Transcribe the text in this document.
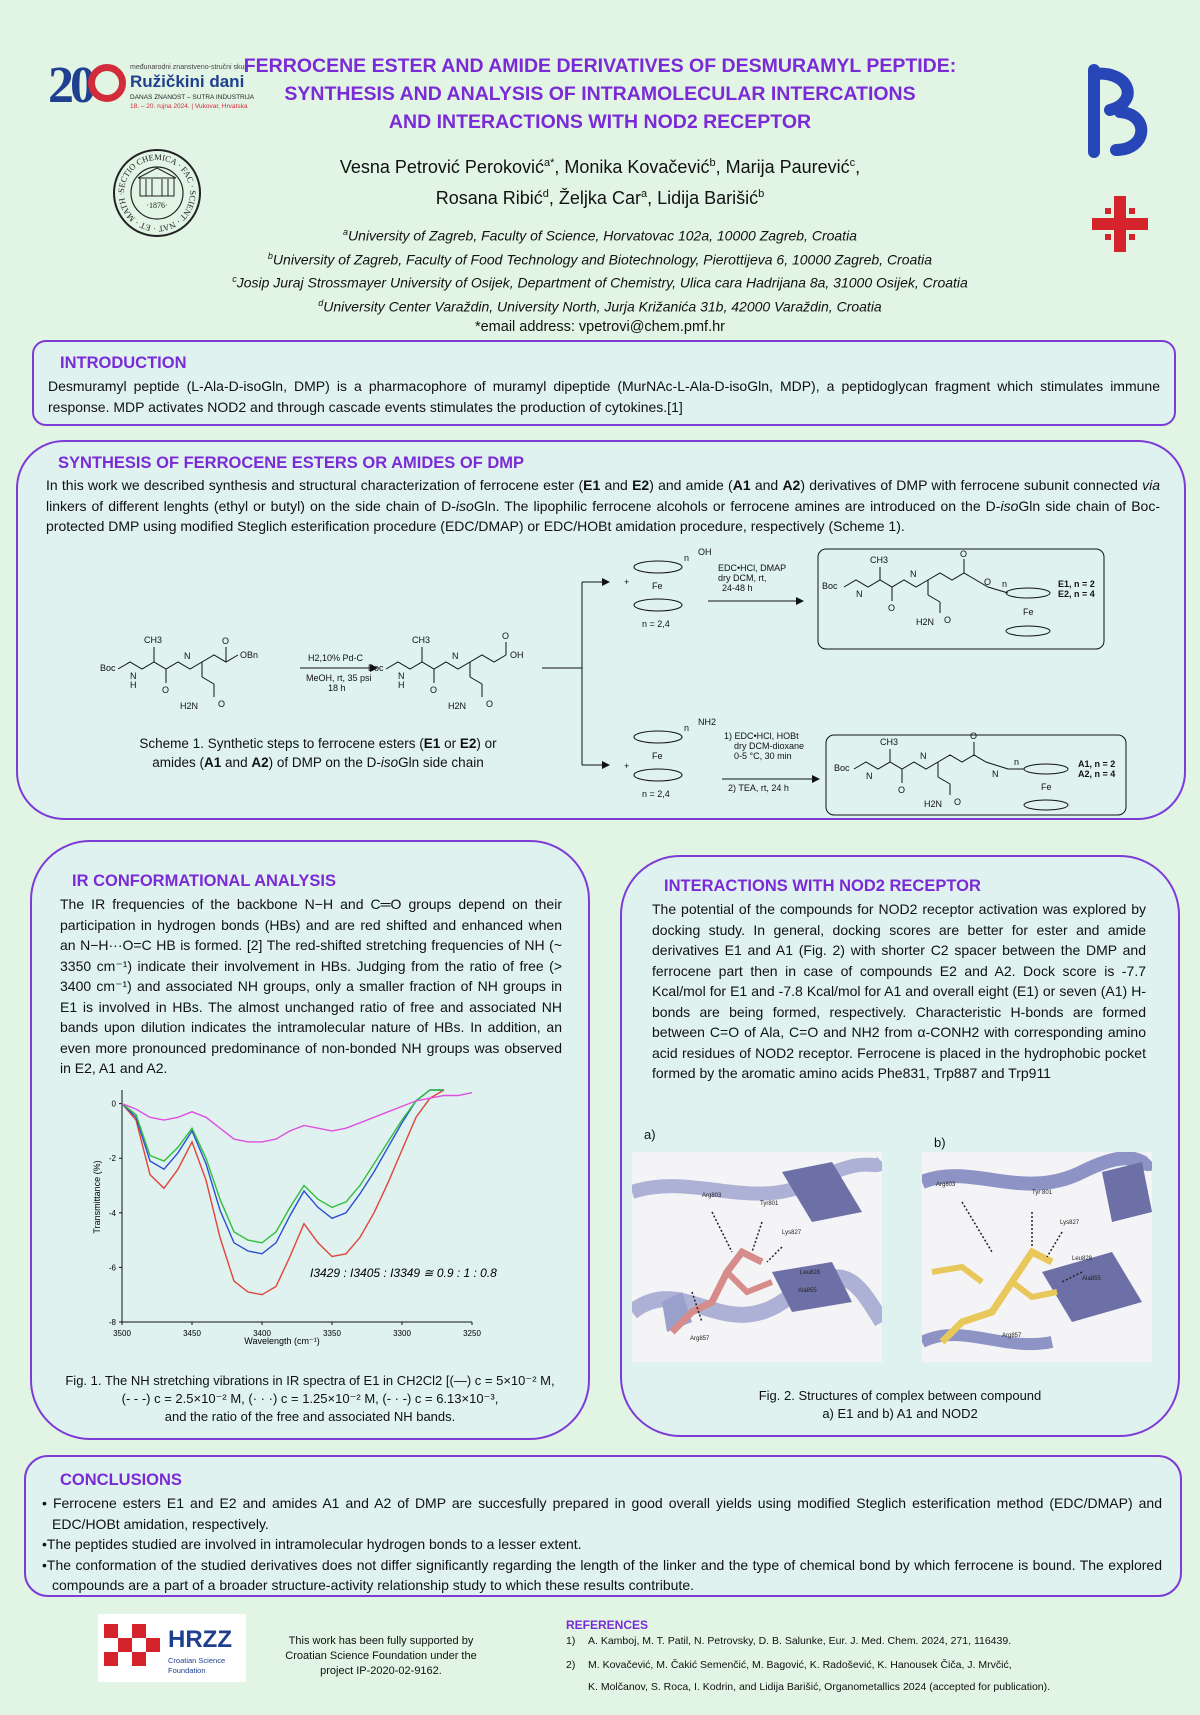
20	međunarodni znanstveno-stručni skup
Ružičkini dani
DANAS ZNANOST – SUTRA INDUSTRIJA
18. – 20. rujna 2024. | Vukovar, Hrvatska
SECTIO CHEMICA · FAC · SCIENT · NAT · ET · MATH ·
·1876·
FERROCENE ESTER AND AMIDE DERIVATIVES OF DESMURAMYL PEPTIDE:
SYNTHESIS AND ANALYSIS OF INTRAMOLECULAR INTERCATIONS
AND INTERACTIONS WITH NOD2 RECEPTOR
Vesna Petrović Peroković$^{a*}$, Monika Kovačević$^b$, Marija Paurević$^c$,
Rosana Ribić$^d$, Željka Car$^a$, Lidija Barišić$^b$
$^a$University of Zagreb, Faculty of Science, Horvatovac 102a, 10000 Zagreb, Croatia
$^b$University of Zagreb, Faculty of Food Technology and Biotechnology, Pierottijeva 6, 10000 Zagreb, Croatia
$^c$Josip Juraj Strossmayer University of Osijek, Department of Chemistry, Ulica cara Hadrijana 8a, 31000 Osijek, Croatia
$^d$University Center Varaždin, University North, Jurja Križanića 31b, 42000 Varaždin, Croatia
*email address: vpetrovi@chem.pmf.hr
INTRODUCTION
Desmuramyl peptide (L-Ala-D-isoGln, DMP) is a pharmacophore of muramyl dipeptide (MurNAc-L-Ala-D-isoGln, MDP), a peptidoglycan fragment which stimulates immune response. MDP activates NOD2 and through cascade events stimulates the production of cytokines.[1]
SYNTHESIS OF FERROCENE ESTERS OR AMIDES OF DMP
In this work we described synthesis and structural characterization of ferrocene ester (E1 and E2) and amide (A1 and A2) derivatives of DMP with ferrocene subunit connected via linkers of different lenghts (ethyl or butyl) on the side chain of D-isoGln. The lipophilic ferrocene alcohols or ferrocene amines are introduced on the D-isoGln side chain of Boc-protected DMP using modified Steglich esterification procedure (EDC/DMAP) or EDC/HOBt amidation procedure, respectively (Scheme 1).
Boc
CH3
N
H	O
N
H2N O
O
OBn	H2,10% Pd-C
MeOH, rt, 35 psi
18 h
Boc
CH3
N
H	O
N
H2N O
O
OH
+	Fe
n
OH
n = 2,4
EDC•HCl, DMAP
dry DCM, rt,
24-48 h
+
Fe
n
NH2
n = 2,4
1) EDC•HCl, HOBt
dry DCM-dioxane
0-5 °C, 30 min
2) TEA, rt, 24 h
Boc
CH3
N
O
N
H2N O
O
O n
Fe
E1, n = 2
E2, n = 4
Boc
CH3
N
O
N
H2N O
O
N
n
Fe
A1, n = 2
A2, n = 4
Scheme 1. Synthetic steps to ferrocene esters (E1 or E2) or
amides (A1 and A2) of DMP on the D-isoGln side chain
IR CONFORMATIONAL ANALYSIS
The IR frequencies of the backbone N−H and C═O groups depend on their participation in hydrogen bonds (HBs) and are red shifted and enhanced when an N−H···O=C HB is formed. [2] The red-shifted stretching frequencies of NH (~ 3350 cm⁻¹) indicate their involvement in HBs. Judging from the ratio of free (> 3400 cm⁻¹) and associated NH groups, only a smaller fraction of NH groups in E1 is involved in HBs. The almost unchanged ratio of free and associated NH bands upon dilution indicates the intramolecular nature of HBs. In addition, an even more pronounced predominance of non-bonded NH groups was observed in E2, A1 and A2.
3500	3450	3400	3350	3300	3250
0
-2
-4
-6
-8
I3429 : I3405 : I3349 ≅ 0.9 : 1 : 0.8
Wavelength (cm⁻¹)
Transmittance (%)
Fig. 1. The NH stretching vibrations in IR spectra of E1 in CH2Cl2 [(—) c = 5×10⁻² M,
(- - -) c = 2.5×10⁻² M, (· · ·) c = 1.25×10⁻² M, (- · -) c = 6.13×10⁻³,
and the ratio of the free and associated NH bands.
INTERACTIONS WITH NOD2 RECEPTOR
The potential of the compounds for NOD2 receptor activation was explored by docking study. In general, docking scores are better for ester and amide derivatives E1 and A1 (Fig. 2) with shorter C2 spacer between the DMP and ferrocene part then in case of compounds E2 and A2. Dock score is -7.7 Kcal/mol for E1 and -7.8 Kcal/mol for A1 and overall eight (E1) or seven (A1) H-bonds are being formed, respectively. Characteristic H-bonds are formed between C=O of Ala, C=O and NH2 from α-CONH2 with corresponding amino acid residues of NOD2 receptor. Ferrocene is placed in the hydrophobic pocket formed by the aromatic amino acids Phe831, Trp887 and Trp911
a)
b)
Arg803
Tyr801
Lys827
Leu828
Ala855
Arg857
Arg803
Tyr 801
Lys827
Leu828
Ala855
Arg857
Fig. 2. Structures of complex between compound
a) E1 and b) A1 and NOD2
CONCLUSIONS
• Ferrocene esters E1 and E2 and amides A1 and A2 of DMP are succesfully prepared in good overall yields using modified Steglich esterification method (EDC/DMAP) and EDC/HOBt amidation, respectively.
•The peptides studied are involved in intramolecular hydrogen bonds to a lesser extent.
•The conformation of the studied derivatives does not differ significantly regarding the length of the linker and the type of chemical bond by which ferrocene is bound. The explored compounds are a part of a broader structure-activity relationship study to which these results contribute.
HRZZ
Croatian Science
Foundation
This work has been fully supported by Croatian Science Foundation under the project IP-2020-02-9162.
REFERENCES
1) A. Kamboj, M. T. Patil, N. Petrovsky, D. B. Salunke, Eur. J. Med. Chem. 2024, 271, 116439.
2) M. Kovačević, M. Čakić Semenčić, M. Bagović, K. Radošević, K. Hanousek Čiča, J. Mrvčić,
K. Molčanov, S. Roca, I. Kodrin, and Lidija Barišić, Organometallics 2024 (accepted for publication).
